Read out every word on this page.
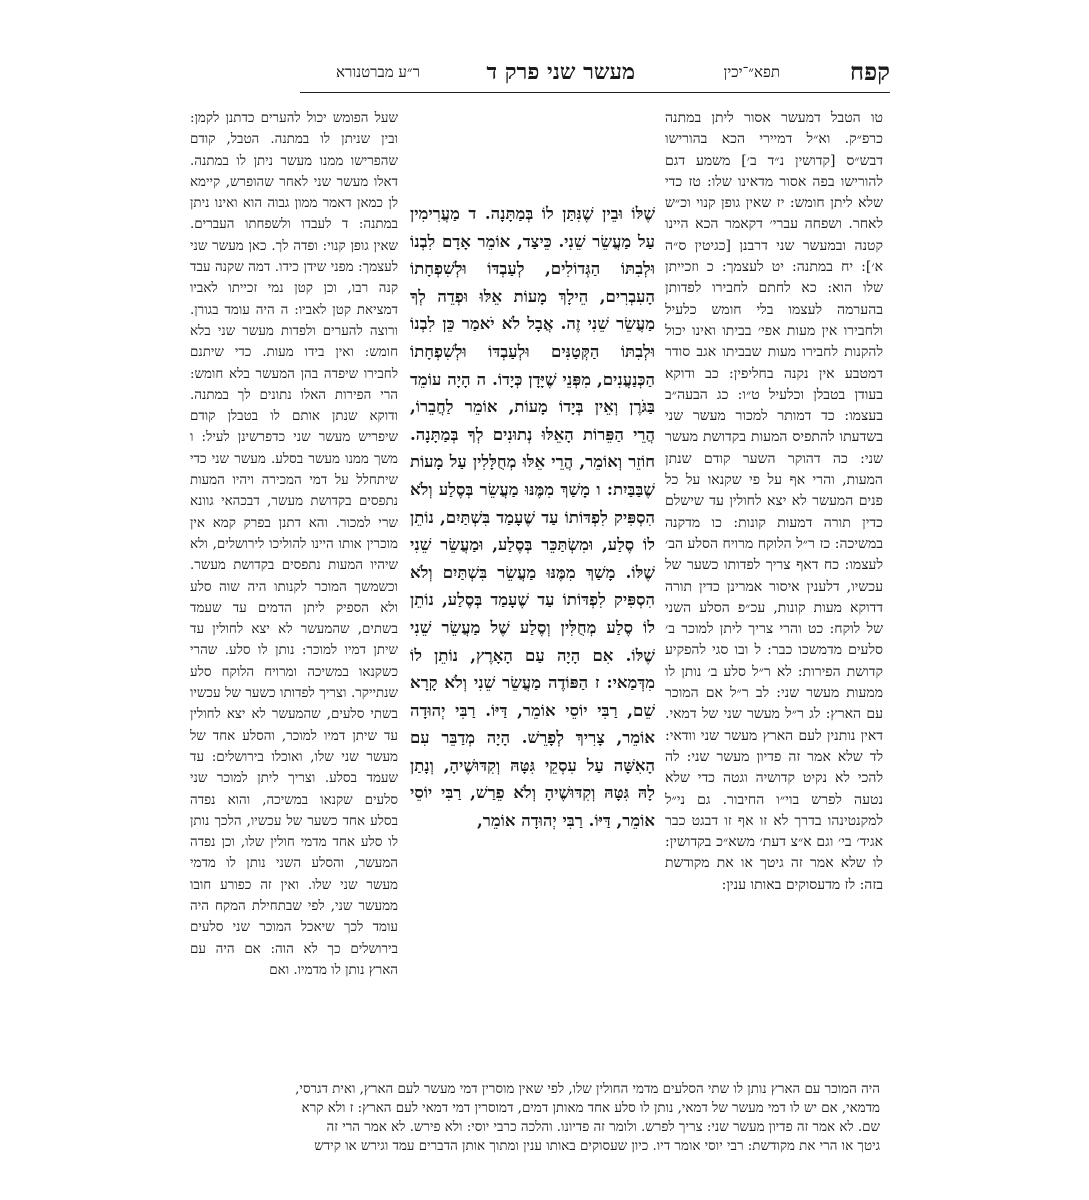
קפח
תפא״־יכין
מעשר שני פרק ד
ר״ע מברטנורא

טו הטבל דמעשר אסור ליתן במתנה כרפ״ק. וא״ל דמיירי הכא בהורישו דבש״ס [קדושין נ״ד ב׳] משמע דגם להורישו בפה אסור מדאינו שלו: טז כדי שלא ליתן חומש: יז שאין גופן קנוי וכ״ש לאחר. ושפחה עברי׳ דקאמר הכא היינו קטנה ובמעשר שני דרבנן [כגיטין ס״ה א׳]: יח במתנה: יט לעצמך: כ וזכייתן שלו הוא: כא לחתם לחבירו לפדותן בהערמה לעצמו בלי חומש כלעיל ולחבירו אין מעות אפי׳ בביתו ואינו יכול להקנות לחבירו מעות שבביתו אגב סודר דמטבע אין נקנה בחליפין: כב ודוקא בעודן בטבלן וכלעיל ט״ו: כג הבעה״ב בעצמו: כד דמותר למכור מעשר שני בשדעתו להתפיס המעות בקדושת מעשר שני: כה דהוקר השער קודם שנתן המעות, והרי אף על פי שקנאו על כל פנים המעשר לא יצא לחולין עד שישלם כדין תורה דמעות קונות: כו מדקנה במשיכה: כז ר״ל הלוקח מרויח הסלע הב׳ לעצמו: כח דאף צריך לפדותו כשער של עכשיו, דלענין איסור אמרינן כדין תורה דדוקא מעות קונות, עכ״פ הסלע השני של לוקח: כט והרי צריך ליתן למוכר ב׳ סלעים מדמשכו כבר: ל ובו סגי להפקיע קדושת הפירות: לא ר״ל סלע ב׳ נותן לו ממעות מעשר שני: לב ר״ל אם המוכר עם הארץ: לג ר״ל מעשר שני של דמאי. דאין נותנין לעם הארץ מעשר שני וודאי: לד שלא אמר זה פדיון מעשר שני: לה להכי לא נקיט קדושיה וגטה כדי שלא נטעה לפרש בוי״ו החיבור. גם ני״ל למקנטינהו בדרך לא זו אף זו דבגט כבר אגיד׳ בי׳ וגם א״צ דעת׳ משא״כ בקדושין: לו שלא אמר זה גיטך או את מקודשת בזה: לז מדעסוקים באותו ענין:

שֶׁלּוֹ וּבֵין שֶׁנִּתַּן לוֹ בְּמַתָּנָה. ד מַעֲרִימִין עַל מַעֲשֵׂר שֵׁנִי. כֵּיצַד, אוֹמֵר אָדָם לִבְנוֹ וּלְבִתּוֹ הַגְּדוֹלִים, לְעַבְדּוֹ וּלְשִׁפְחָתוֹ הָעִבְרִים, הֵילָךְ מָעוֹת אֵלּוּ וּפְדֵה לְךָ מַעֲשֵׂר שֵׁנִי זֶה. אֲבָל לֹא יֹאמַר כֵּן לִבְנוֹ וּלְבִתּוֹ הַקְּטַנִּים וּלְעַבְדּוֹ וּלְשִׁפְחָתוֹ הַכְּנַעֲנִים, מִפְּנֵי שֶׁיָּדָן כְּיָדוֹ. ה הָיָה עוֹמֵד בַּגֹּרֶן וְאֵין בְּיָדוֹ מָעוֹת, אוֹמֵר לַחֲבֵרוֹ, הֲרֵי הַפֵּרוֹת הָאֵלּוּ נְתוּנִים לְךָ בְּמַתָּנָה. חוֹזֵר וְאוֹמֵר, הֲרֵי אֵלּוּ מְחֻלָּלִין עַל מָעוֹת שֶׁבַּבַּיִת: ו מָשַׁךְ מִמֶּנּוּ מַעֲשֵׂר בְּסֶלַע וְלֹא הִסְפִּיק לִפְדּוֹתוֹ עַד שֶׁעָמַד בִּשְׁתַּיִם, נוֹתֵן לוֹ סֶלַע, וּמִשְׂתַּכֵּר בְּסֶלַע, וּמַעֲשֵׂר שֵׁנִי שֶׁלּוֹ. מָשַׁךְ מִמֶּנּוּ מַעֲשֵׂר בִּשְׁתַּיִם וְלֹא הִסְפִּיק לִפְדּוֹתוֹ עַד שֶׁעָמַד בְּסֶלַע, נוֹתֵן לוֹ סֶלַע מְחֻלִּין וְסֶלַע שֶׁל מַעֲשֵׂר שֵׁנִי שֶׁלּוֹ. אִם הָיָה עַם הָאָרֶץ, נוֹתֵן לוֹ מִדְּמַאי: ז הַפּוֹדֶה מַעֲשֵׂר שֵׁנִי וְלֹא קָרָא שֵׁם, רַבִּי יוֹסֵי אוֹמֵר, דַּיּוֹ. רַבִּי יְהוּדָה אוֹמֵר, צָרִיךְ לְפָרֵשׁ. הָיָה מְדַבֵּר עִם הָאִשָּׁה עַל עִסְקֵי גִּטָּהּ וְקִדּוּשֶׁיהָ, וְנָתַן לָהּ גִּטָּהּ וְקִדּוּשֶׁיהָ וְלֹא פֵרַשׁ, רַבִּי יוֹסֵי אוֹמֵר, דַּיּוֹ. רַבִּי יְהוּדָה אוֹמֵר,

שעל הפומש יכול להערים כדתנן לקמן: ובין שניתן לו במתנה. הטבל, קודם שהפרישו ממנו מעשר ניתן לו במתנה. דאלו מעשר שני לאחר שהופרש, קיימא לן כמאן דאמר ממון גבוה הוא ואינו ניתן במתנה: ד לעבדו ולשפחתו העברים. שאין גופן קנוי: ופדה לך. כאן מעשר שני לעצמך: מפני שידן כידו. דמה שקנה עבד קנה רבו, וכן קטן נמי זכייתו לאביו דמציאת קטן לאביו: ה היה עומד בגורן. ורוצה להערים ולפדות מעשר שני בלא חומש: ואין בידו מעות. כדי שיתנם לחבירו שיפדה בהן המעשר בלא חומש: הרי הפירות האלו נתונים לך במתנה. ודוקא שנתן אותם לו בטבלן קודם שיפריש מעשר שני כדפרשינן לעיל: ו משך ממנו מעשר בסלע. מעשר שני כדי שיתחלל על דמי המכירה ויהיו המעות נתפסים בקדושת מעשר, דבכהאי גוונא שרי למכור. והא דתנן בפרק קמא אין מוכרין אותו היינו להוליכו לירושלים, ולא שיהיו המעות נתפסים בקדושת מעשר. וכשמשך המוכר לקנותו היה שוה סלע ולא הספיק ליתן הדמים עד שעמד בשתים, שהמעשר לא יצא לחולין עד שיתן דמיו למוכר: נותן לו סלע. שהרי כשקנאו במשיכה ומרויח הלוקח סלע שנתייקר. וצריך לפדותו כשער של עכשיו בשתי סלעים, שהמעשר לא יצא לחולין עד שיתן דמיו למוכר, והסלע אחד של מעשר שני שלו, ואוכלו בירושלים: עד שעמד בסלע. וצריך ליתן למוכר שני סלעים שקנאו במשיכה, והוא נפדה בסלע אחד כשער של עכשיו, הלכך נותן לו סלע אחד מדמי חולין שלו, וכן נפדה המעשר, והסלע השני נותן לו מדמי מעשר שני שלו. ואין זה כפורע חובו ממעשר שני, לפי שבתחילת המקח היה עומד לכך שיאכל המוכר שני סלעים בירושלים כך לא הוה: אם היה עם הארץ נותן לו מדמיו. ואם

היה המוכר עם הארץ נותן לו שתי הסלעים מדמי החולין שלו, לפי שאין מוסרין דמי מעשר לעם הארץ, ואית דגרסי,
מדמאי, אם יש לו דמי מעשר של דמאי, נותן לו סלע אחד מאותן דמים, דמוסרין דמי דמאי לעם הארץ: ז ולא קרא
שם. לא אמר זה פדיון מעשר שני: צריך לפרש. ולומר זה פדיונו. והלכה כרבי יוסי: ולא פירש. לא אמר הרי זה
גיטך או הרי את מקודשת: רבי יוסי אומר דיו. כיון שעסוקים באותו ענין ומתוך אותן הדברים עמד וגירש או קידש
